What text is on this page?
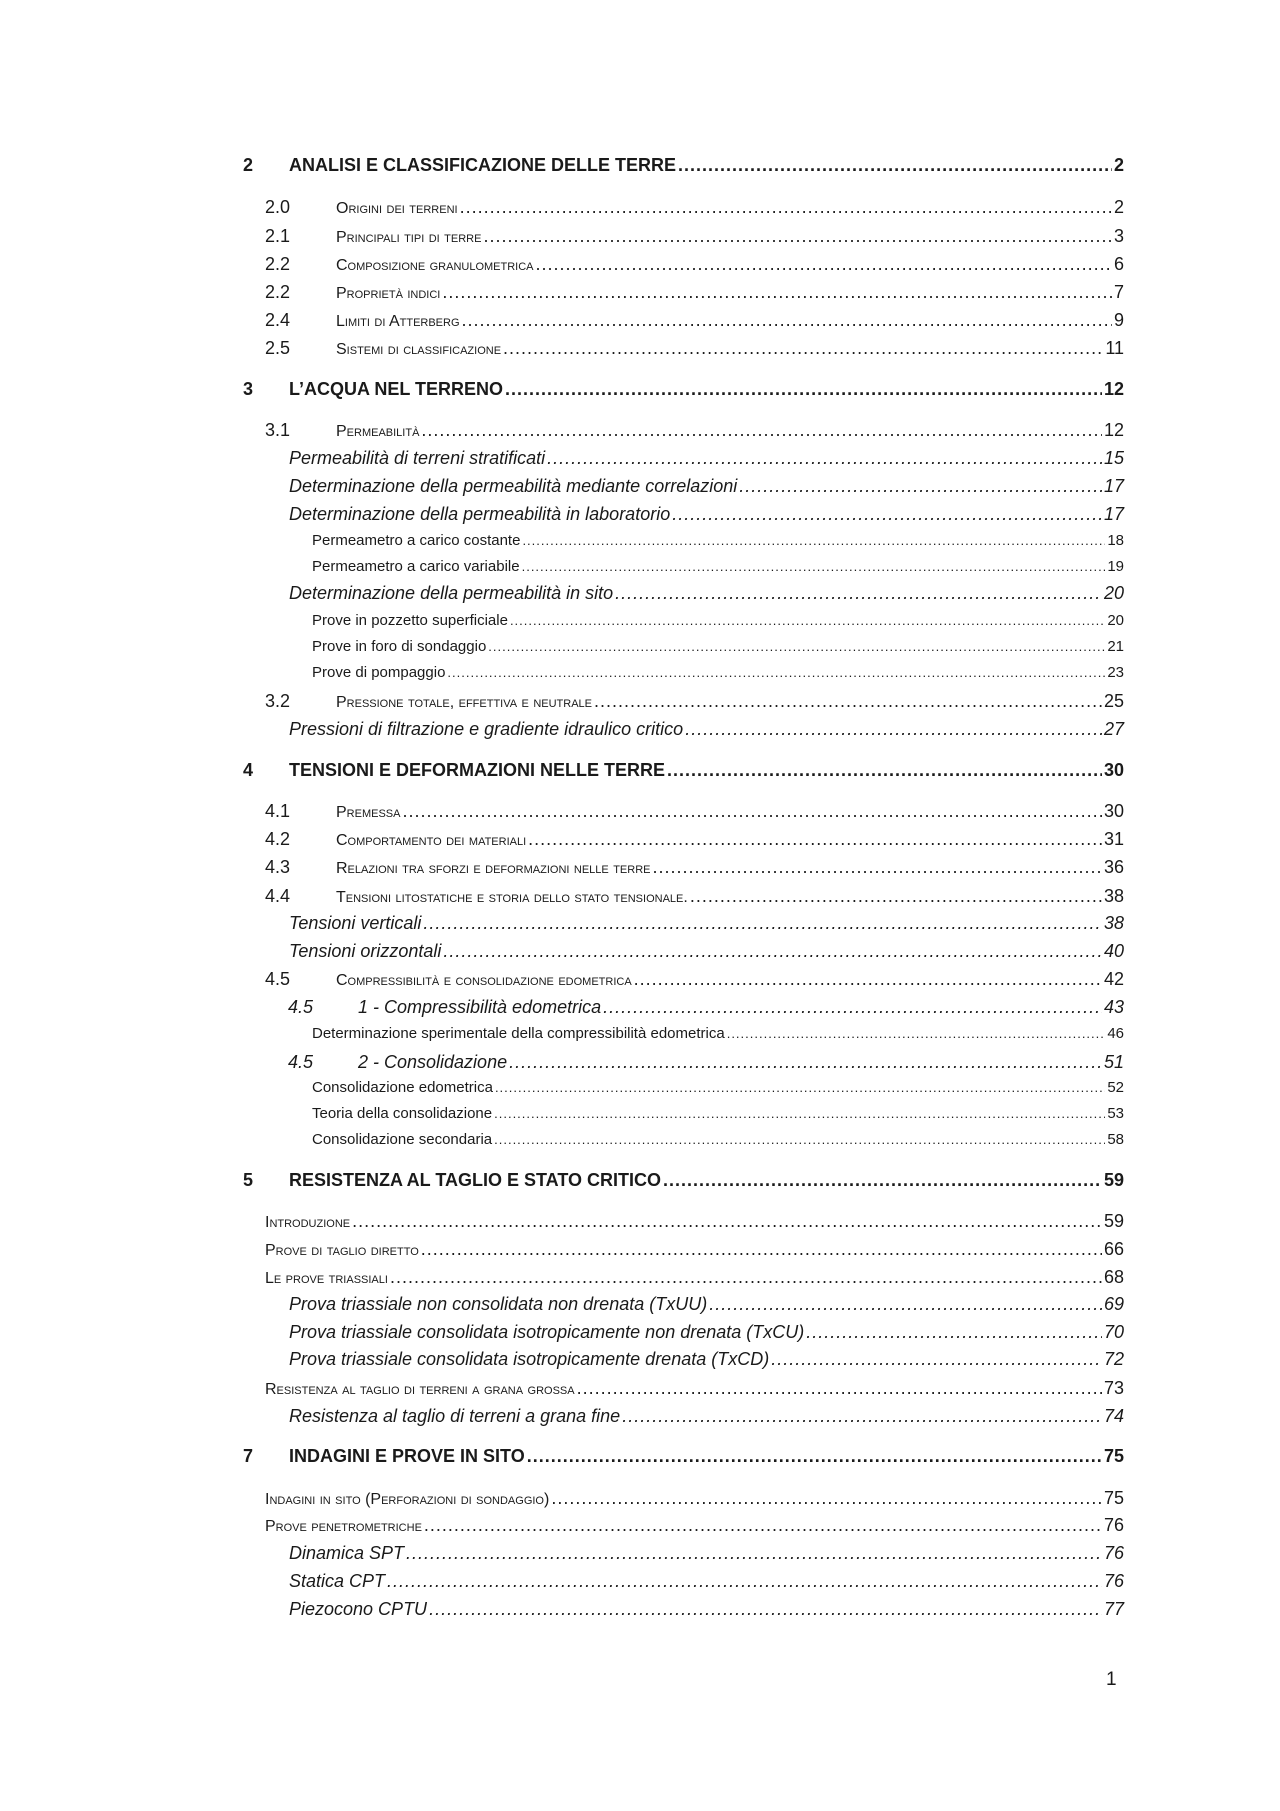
2 ANALISI E CLASSIFICAZIONE DELLE TERRE .....	2
2.0	Origini dei terreni .....	2
2.1	Principali tipi di terre .....	3
2.2	Composizione granulometrica .....	6
2.2	Proprietà indici .....	7
2.4	Limiti di Atterberg .....	9
2.5	Sistemi di classificazione .....	11
3 L’ACQUA NEL TERRENO .....	12
3.1	Permeabilità .....	12
Permeabilità di terreni stratificati .....	15
Determinazione della permeabilità mediante correlazioni .....	17
Determinazione della permeabilità in laboratorio .....	17
Permeametro a carico costante .....	18
Permeametro a carico variabile .....	19
Determinazione della permeabilità in sito .....	20
Prove in pozzetto superficiale .....	20
Prove in foro di sondaggio .....	21
Prove di pompaggio .....	23
3.2	Pressione totale, effettiva e neutrale .....	25
Pressioni di filtrazione e gradiente idraulico critico .....	27
4 TENSIONI E DEFORMAZIONI NELLE TERRE .....	30
4.1	Premessa .....	30
4.2	Comportamento dei materiali .....	31
4.3	Relazioni tra sforzi e deformazioni nelle terre .....	36
4.4	Tensioni litostatiche e storia dello stato tensionale. .....	38
Tensioni verticali .....	38
Tensioni orizzontali .....	40
4.5	Compressibilità e consolidazione edometrica .....	42
4.5 1 - Compressibilità edometrica .....	43
Determinazione sperimentale della compressibilità edometrica .....	46
4.5 2 - Consolidazione .....	51
Consolidazione edometrica .....	52
Teoria della consolidazione .....	53
Consolidazione secondaria .....	58
5 RESISTENZA AL TAGLIO E STATO CRITICO .....	59
Introduzione .....	59
Prove di taglio diretto .....	66
Le prove triassiali .....	68
Prova triassiale non consolidata non drenata (TxUU) .....	69
Prova triassiale consolidata isotropicamente non drenata (TxCU) .....	70
Prova triassiale consolidata isotropicamente drenata (TxCD) .....	72
Resistenza al taglio di terreni a grana grossa .....	73
Resistenza al taglio di terreni a grana fine .....	74
7 INDAGINI E PROVE IN SITO .....	75
Indagini in sito (Perforazioni di sondaggio) .....	75
Prove penetrometriche .....	76
Dinamica SPT .....	76
Statica CPT .....	76
Piezocono CPTU .....	77
1
